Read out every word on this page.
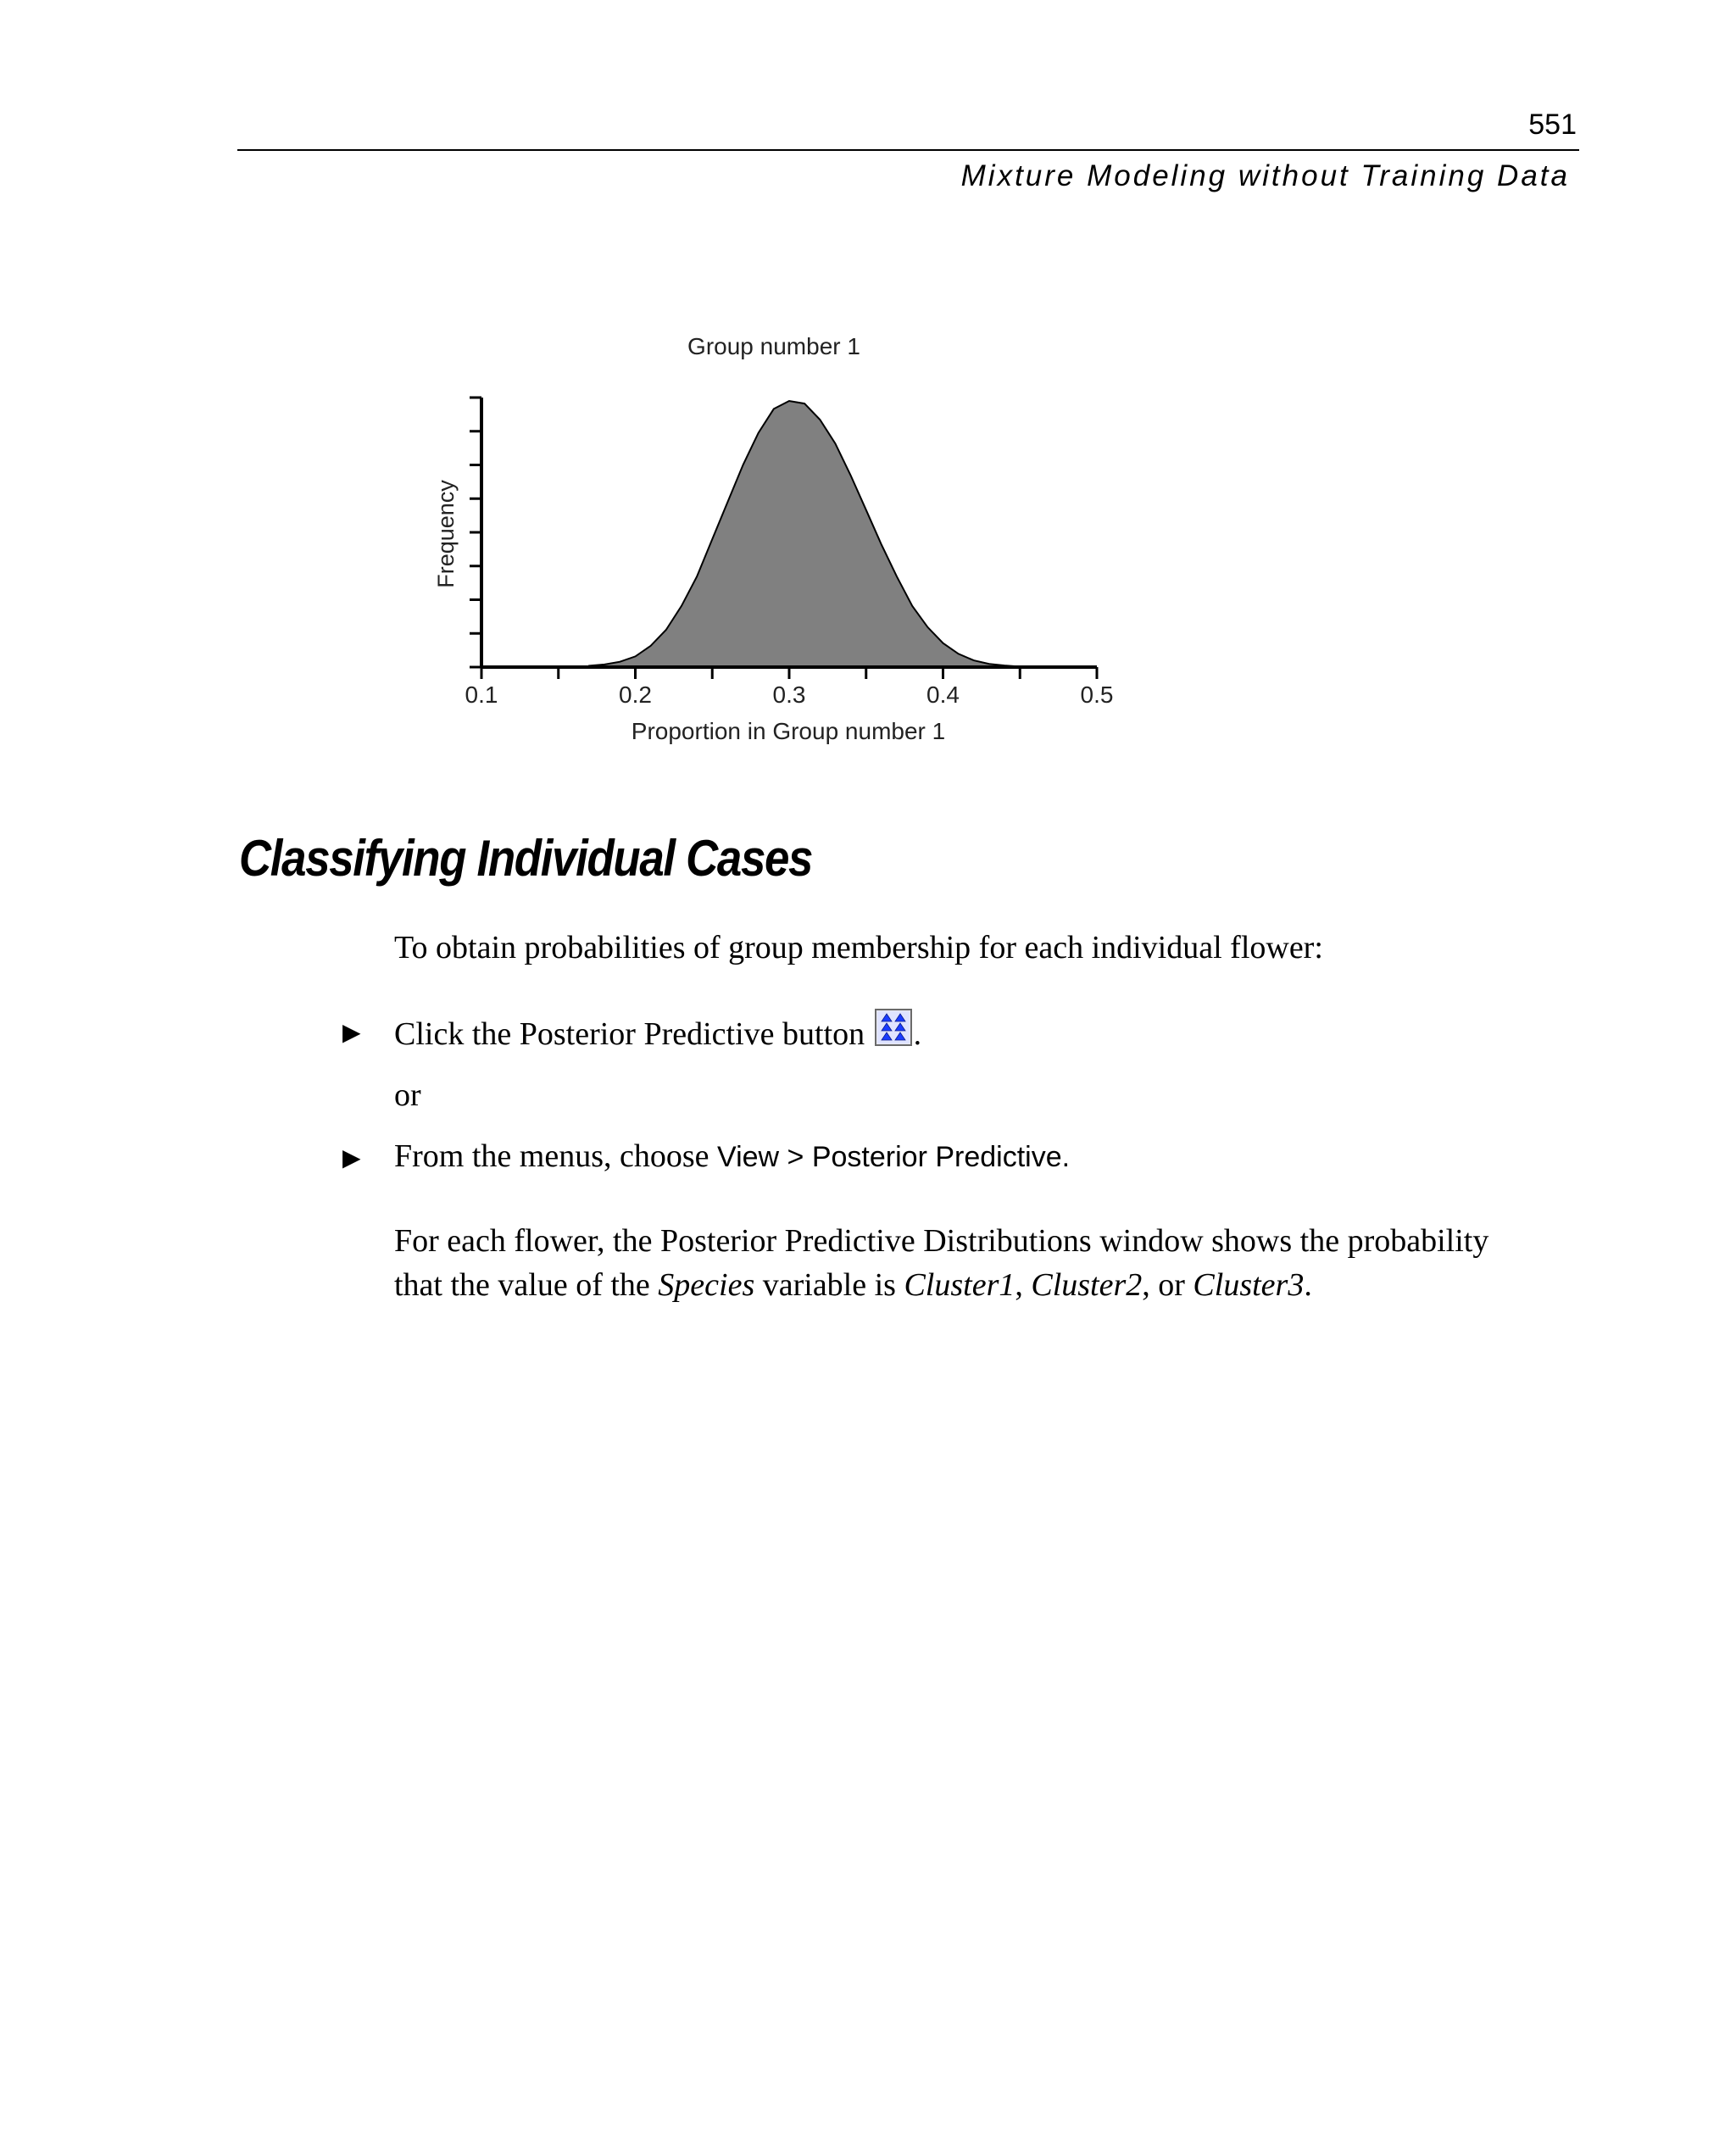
551
Mixture Modeling without Training Data
Group number 1
Frequency
Proportion in Group number 1
0.1	0.2	0.3	0.4	0.5
Classifying Individual Cases
To obtain probabilities of group membership for each individual flower:
▶ Click the Posterior Predictive button .
or
▶ From the menus, choose View > Posterior Predictive.
For each flower, the Posterior Predictive Distributions window shows the probability
that the value of the Species variable is Cluster1, Cluster2, or Cluster3.
